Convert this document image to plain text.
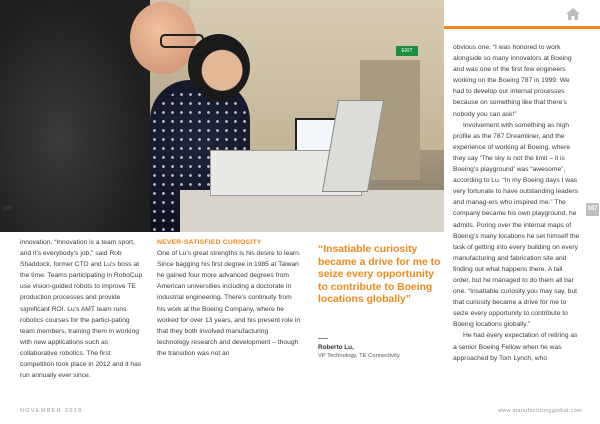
EXIT
166	167

innovation. “Innovation is a team sport, and it’s everybody’s job,” said Rob Shaddock, former CTO and Lu’s boss at the time. Teams participating in RoboCup use vision-guided robots to improve TE production processes and provide significant ROI. Lu’s AMT team runs robotics courses for the partici-pating team members, training them in working with new applications such as collaborative robotics. The first competition took place in 2012 and it has run annually ever since.

NEVER-SATISFIED CURIOSITY

One of Lu’s great strengths is his desire to learn. Since bagging his first degree in 1985 at Taiwan he gained four more advanced degrees from American universities including a doctorate in industrial engineering. There’s continuity from his work at the Boeing Company, where he worked for over 13 years, and his present role in that they both involved manufacturing technology research and development – though the transition was not an

“Insatiable curiosity became a drive for me to seize every opportunity to contribute to Boeing locations globally”
Roberto Lu,
VP Technology, TE Connectivity

obvious one. “I was honored to work alongside so many innovators at Boeing and was one of the first few engineers working on the Boeing 787 in 1999. We had to develop our internal processes because on something like that there’s nobody you can ask!”

Involvement with something as high profile as the 787 Dreamliner, and the experience of working at Boeing, where they say ‘The sky is not the limit – it is Boeing’s playground’ was “awesome”, according to Lu. “In my Boeing days I was very fortunate to have outstanding leaders and manag-ers who inspired me.” The company became his own playground, he admits. Poring over the internal maps of Boeing’s many locations he set himself the task of getting into every building on every manufacturing and fabrication site and finding out what happens there. A tall order, but he managed to do them all bar one. “Insatiable curiosity you may say, but that curiosity became a drive for me to seize every opportunity to contribute to Boeing locations globally.”

He had every expectation of retiring as a senior Boeing Fellow when he was approached by Tom Lynch, who

NOVEMBER 2018	www.manufacturingglobal.com
